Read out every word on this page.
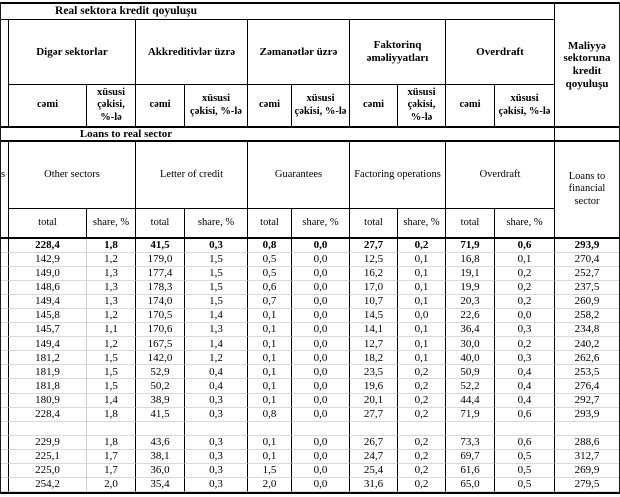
Real sektora kredit qoyuluşu
Maliyyə sektoruna kredit qoyuluşu
Digər sektorlar
cəmi
xüsusi çəkisi, %-lə
Akkreditivlər üzrə
cəmi
xüsusi çəkisi, %-lə
Zəmanətlər üzrə
cəmi
xüsusi çəkisi, %-lə
Faktorinq əməliyyatları
cəmi
xüsusi çəkisi, %-lə
Overdraft
cəmi
xüsusi çəkisi, %-lə
Loans to real sector
s	Loans to financial sector
Other sectors
total	share, %
Letter of credit
total	share, %
Guarantees
total	share, %
Factoring operations
total	share, %
Overdraft
total	share, %
228,4	1,8	41,5	0,3	0,8	0,0	27,7	0,2	71,9	0,6	293,9
142,9	1,2	179,0	1,5	0,5	0,0	12,5	0,1	16,8	0,1	270,4
149,0	1,3	177,4	1,5	0,5	0,0	16,2	0,1	19,1	0,2	252,7
148,6	1,3	178,3	1,5	0,6	0,0	17,0	0,1	19,9	0,2	237,5
149,4	1,3	174,0	1,5	0,7	0,0	10,7	0,1	20,3	0,2	260,9
145,8	1,2	170,5	1,4	0,1	0,0	14,5	0,0	22,6	0,0	258,2
145,7	1,1	170,6	1,3	0,1	0,0	14,1	0,1	36,4	0,3	234,8
149,4	1,2	167,5	1,4	0,1	0,0	12,7	0,1	30,0	0,2	240,2
181,2	1,5	142,0	1,2	0,1	0,0	18,2	0,1	40,0	0,3	262,6
181,9	1,5	52,9	0,4	0,1	0,0	23,5	0,2	50,9	0,4	253,5
181,8	1,5	50,2	0,4	0,1	0,0	19,6	0,2	52,2	0,4	276,4
180,9	1,4	38,9	0,3	0,1	0,0	20,1	0,2	44,4	0,4	292,7
228,4	1,8	41,5	0,3	0,8	0,0	27,7	0,2	71,9	0,6	293,9
229,9	1,8	43,6	0,3	0,1	0,0	26,7	0,2	73,3	0,6	288,6
225,1	1,7	38,1	0,3	0,1	0,0	24,7	0,2	69,7	0,5	312,7
225,0	1,7	36,0	0,3	1,5	0,0	25,4	0,2	61,6	0,5	269,9
254,2	2,0	35,4	0,3	2,0	0,0	31,6	0,2	65,0	0,5	279,5
